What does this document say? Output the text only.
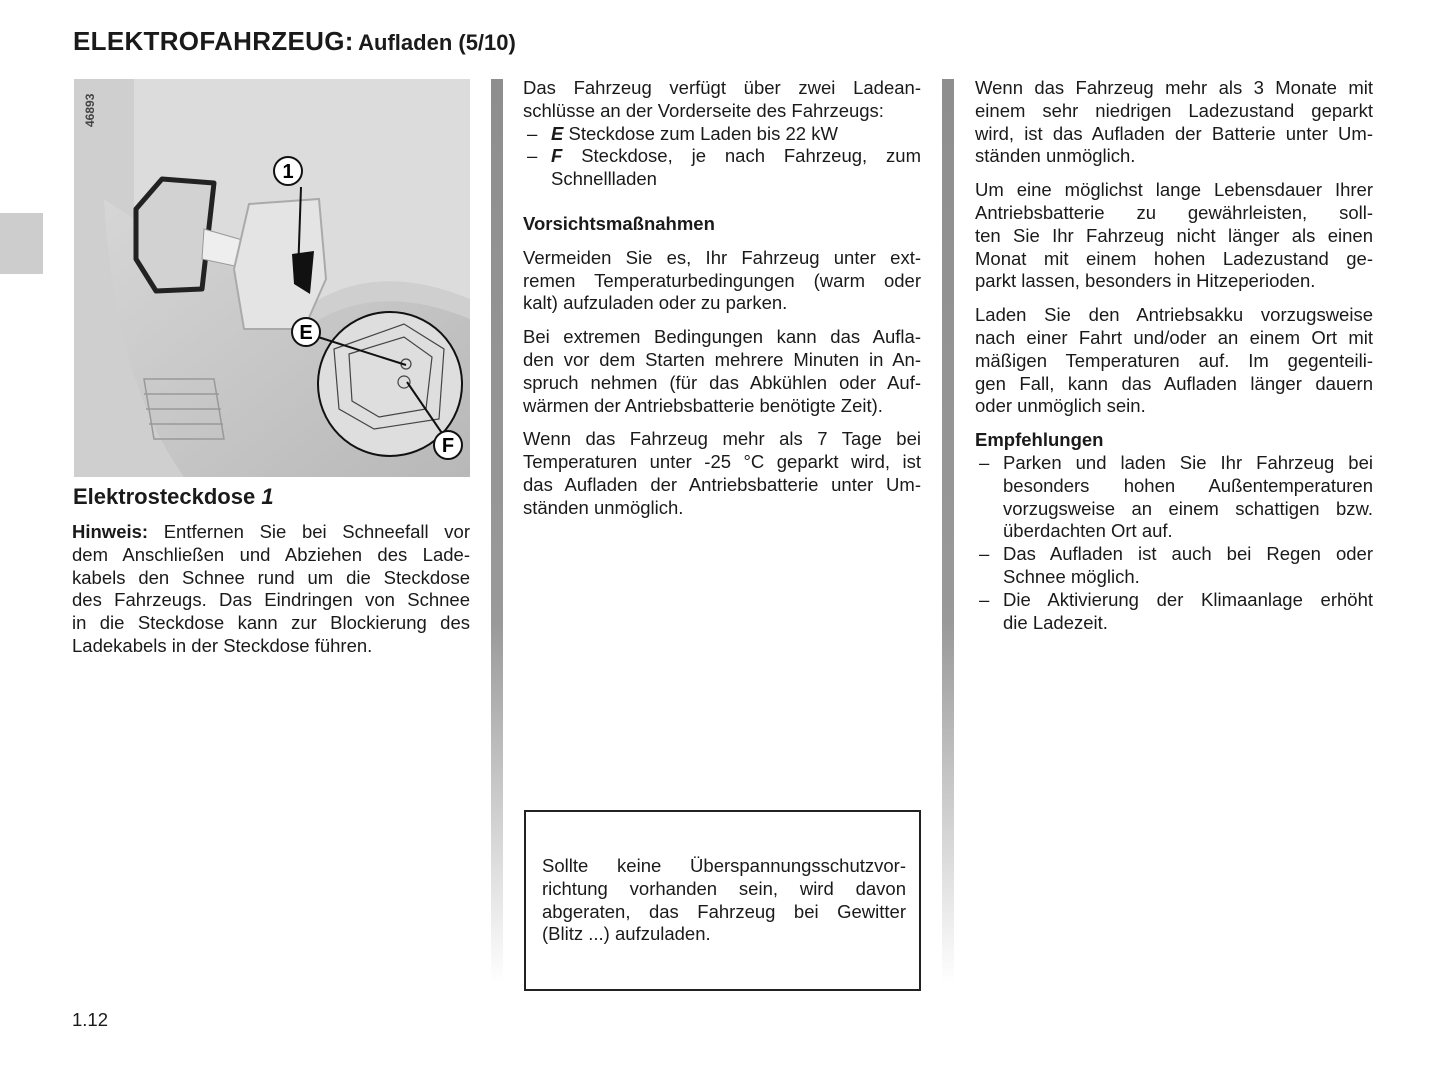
ELEKTROFAHRZEUG: Aufladen (5/10)
1
E
F
46893
Elektrosteckdose 1
Hinweis: Entfernen Sie bei Schneefall vor
dem Anschließen und Abziehen des Lade-
kabels den Schnee rund um die Steckdose
des Fahrzeugs. Das Eindringen von Schnee
in die Steckdose kann zur Blockierung des
Ladekabels in der Steckdose führen.
Das Fahrzeug verfügt über zwei Ladean-
schlüsse an der Vorderseite des Fahrzeugs:
– E Steckdose zum Laden bis 22 kW
– F Steckdose, je nach Fahrzeug, zum
Schnellladen
Vorsichtsmaßnahmen
Vermeiden Sie es, Ihr Fahrzeug unter ext-
remen Temperaturbedingungen (warm oder
kalt) aufzuladen oder zu parken.
Bei extremen Bedingungen kann das Aufla-
den vor dem Starten mehrere Minuten in An-
spruch nehmen (für das Abkühlen oder Auf-
wärmen der Antriebsbatterie benötigte Zeit).
Wenn das Fahrzeug mehr als 7 Tage bei
Temperaturen unter -25 °C geparkt wird, ist
das Aufladen der Antriebsbatterie unter Um-
ständen unmöglich.
Sollte keine Überspannungsschutzvor-
richtung vorhanden sein, wird davon
abgeraten, das Fahrzeug bei Gewitter
(Blitz ...) aufzuladen.
Wenn das Fahrzeug mehr als 3 Monate mit
einem sehr niedrigen Ladezustand geparkt
wird, ist das Aufladen der Batterie unter Um-
ständen unmöglich.
Um eine möglichst lange Lebensdauer Ihrer
Antriebsbatterie zu gewährleisten, soll-
ten Sie Ihr Fahrzeug nicht länger als einen
Monat mit einem hohen Ladezustand ge-
parkt lassen, besonders in Hitzeperioden.
Laden Sie den Antriebsakku vorzugsweise
nach einer Fahrt und/oder an einem Ort mit
mäßigen Temperaturen auf. Im gegenteili-
gen Fall, kann das Aufladen länger dauern
oder unmöglich sein.
Empfehlungen
– Parken und laden Sie Ihr Fahrzeug bei
besonders hohen Außentemperaturen
vorzugsweise an einem schattigen bzw.
überdachten Ort auf.
– Das Aufladen ist auch bei Regen oder
Schnee möglich.
– Die Aktivierung der Klimaanlage erhöht
die Ladezeit.
1.12
